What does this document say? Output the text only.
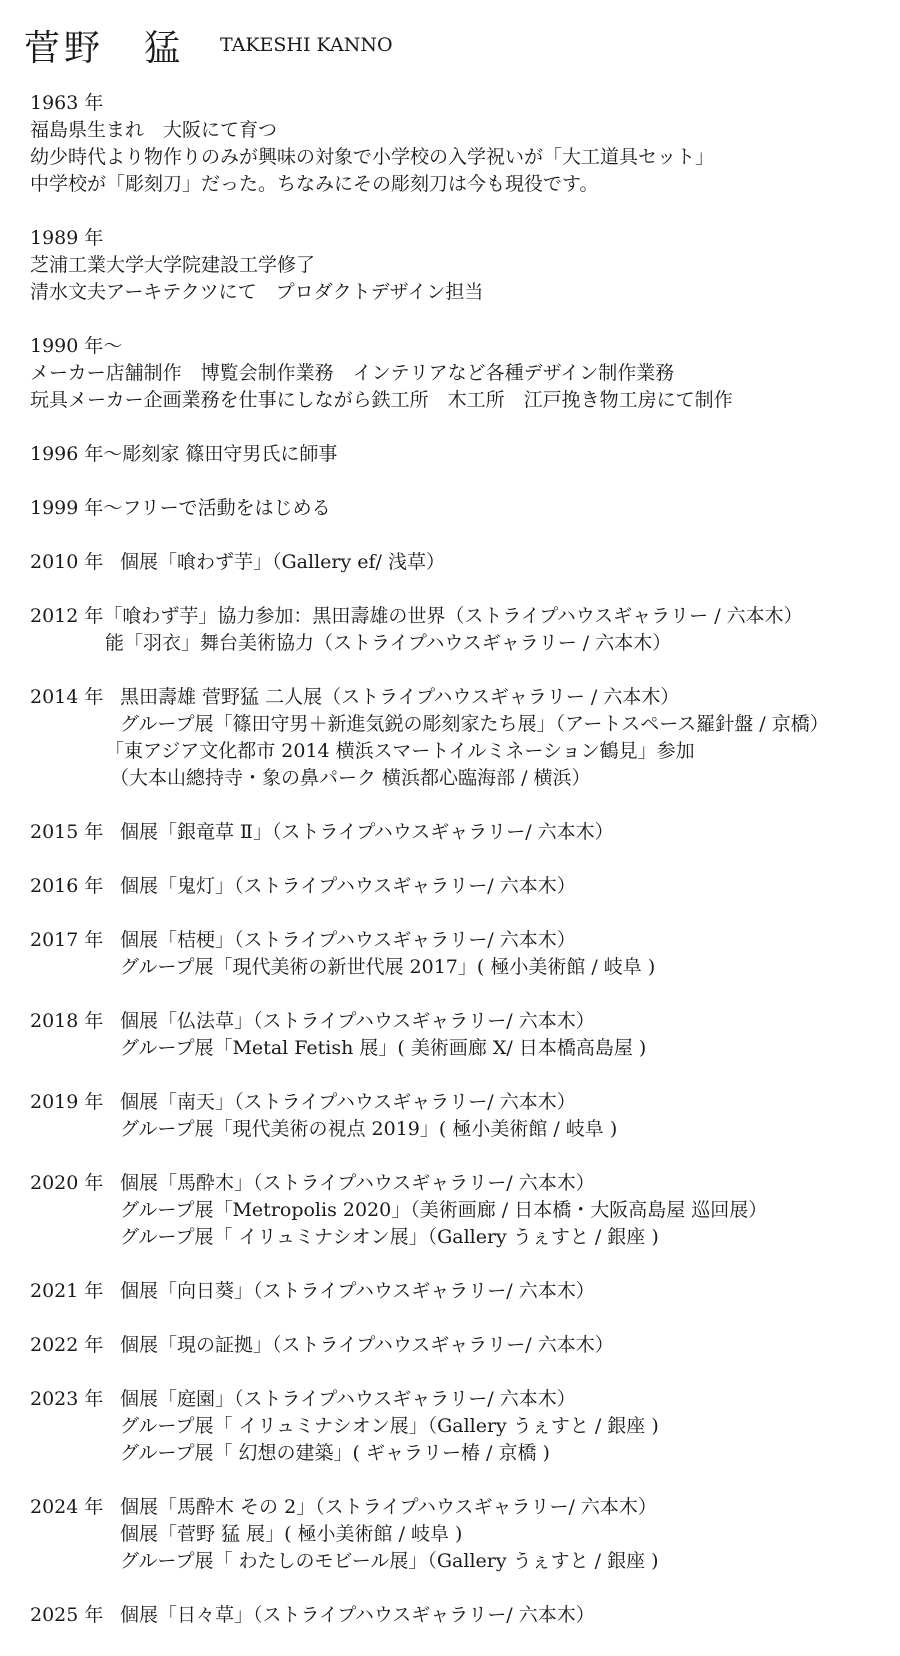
菅野　猛 TAKESHI KANNO
1963 年
福島県生まれ　大阪にて育つ
幼少時代より物作りのみが興味の対象で小学校の入学祝いが「大工道具セット」
中学校が「彫刻刀」だった。ちなみにその彫刻刀は今も現役です。
1989 年
芝浦工業大学大学院建設工学修了
清水文夫アーキテクツにて　プロダクトデザイン担当
1990 年〜
メーカー店舗制作　博覧会制作業務　インテリアなど各種デザイン制作業務
玩具メーカー企画業務を仕事にしながら鉄工所　木工所　江戸挽き物工房にて制作
1996 年〜彫刻家 篠田守男氏に師事
1999 年〜フリーで活動をはじめる
2010 年 個展「喰わず芋」（Gallery ef/ 浅草）
2012 年「喰わず芋」協力参加：黒田壽雄の世界（ストライプハウスギャラリー / 六本木）
能「羽衣」舞台美術協力（ストライプハウスギャラリー / 六本木）
2014 年 黒田壽雄 菅野猛 二人展（ストライプハウスギャラリー / 六本木）
グループ展「篠田守男＋新進気鋭の彫刻家たち展」（アートスペース羅針盤 / 京橋）
「東アジア文化都市 2014 横浜スマートイルミネーション鶴見」参加
（大本山總持寺・象の鼻パーク 横浜都心臨海部 / 横浜）
2015 年 個展「銀竜草 Ⅱ」（ストライプハウスギャラリー/ 六本木）
2016 年 個展「鬼灯」（ストライプハウスギャラリー/ 六本木）
2017 年 個展「桔梗」（ストライプハウスギャラリー/ 六本木）
グループ展「現代美術の新世代展 2017」( 極小美術館 / 岐阜 )
2018 年 個展「仏法草」（ストライプハウスギャラリー/ 六本木）
グループ展「Metal Fetish 展」( 美術画廊 X/ 日本橋高島屋 )
2019 年 個展「南天」（ストライプハウスギャラリー/ 六本木）
グループ展「現代美術の視点 2019」( 極小美術館 / 岐阜 )
2020 年 個展「馬酔木」（ストライプハウスギャラリー/ 六本木）
グループ展「Metropolis 2020」（美術画廊 / 日本橋・大阪高島屋 巡回展）
グループ展「 イリュミナシオン展」（Gallery うぇすと / 銀座 )
2021 年 個展「向日葵」（ストライプハウスギャラリー/ 六本木）
2022 年 個展「現の証拠」（ストライプハウスギャラリー/ 六本木）
2023 年 個展「庭園」（ストライプハウスギャラリー/ 六本木）
グループ展「 イリュミナシオン展」（Gallery うぇすと / 銀座 )
グループ展「 幻想の建築」( ギャラリー椿 / 京橋 )
2024 年 個展「馬酔木 その 2」（ストライプハウスギャラリー/ 六本木）
個展「菅野 猛 展」( 極小美術館 / 岐阜 )
グループ展「 わたしのモビール展」（Gallery うぇすと / 銀座 )
2025 年 個展「日々草」（ストライプハウスギャラリー/ 六本木）
